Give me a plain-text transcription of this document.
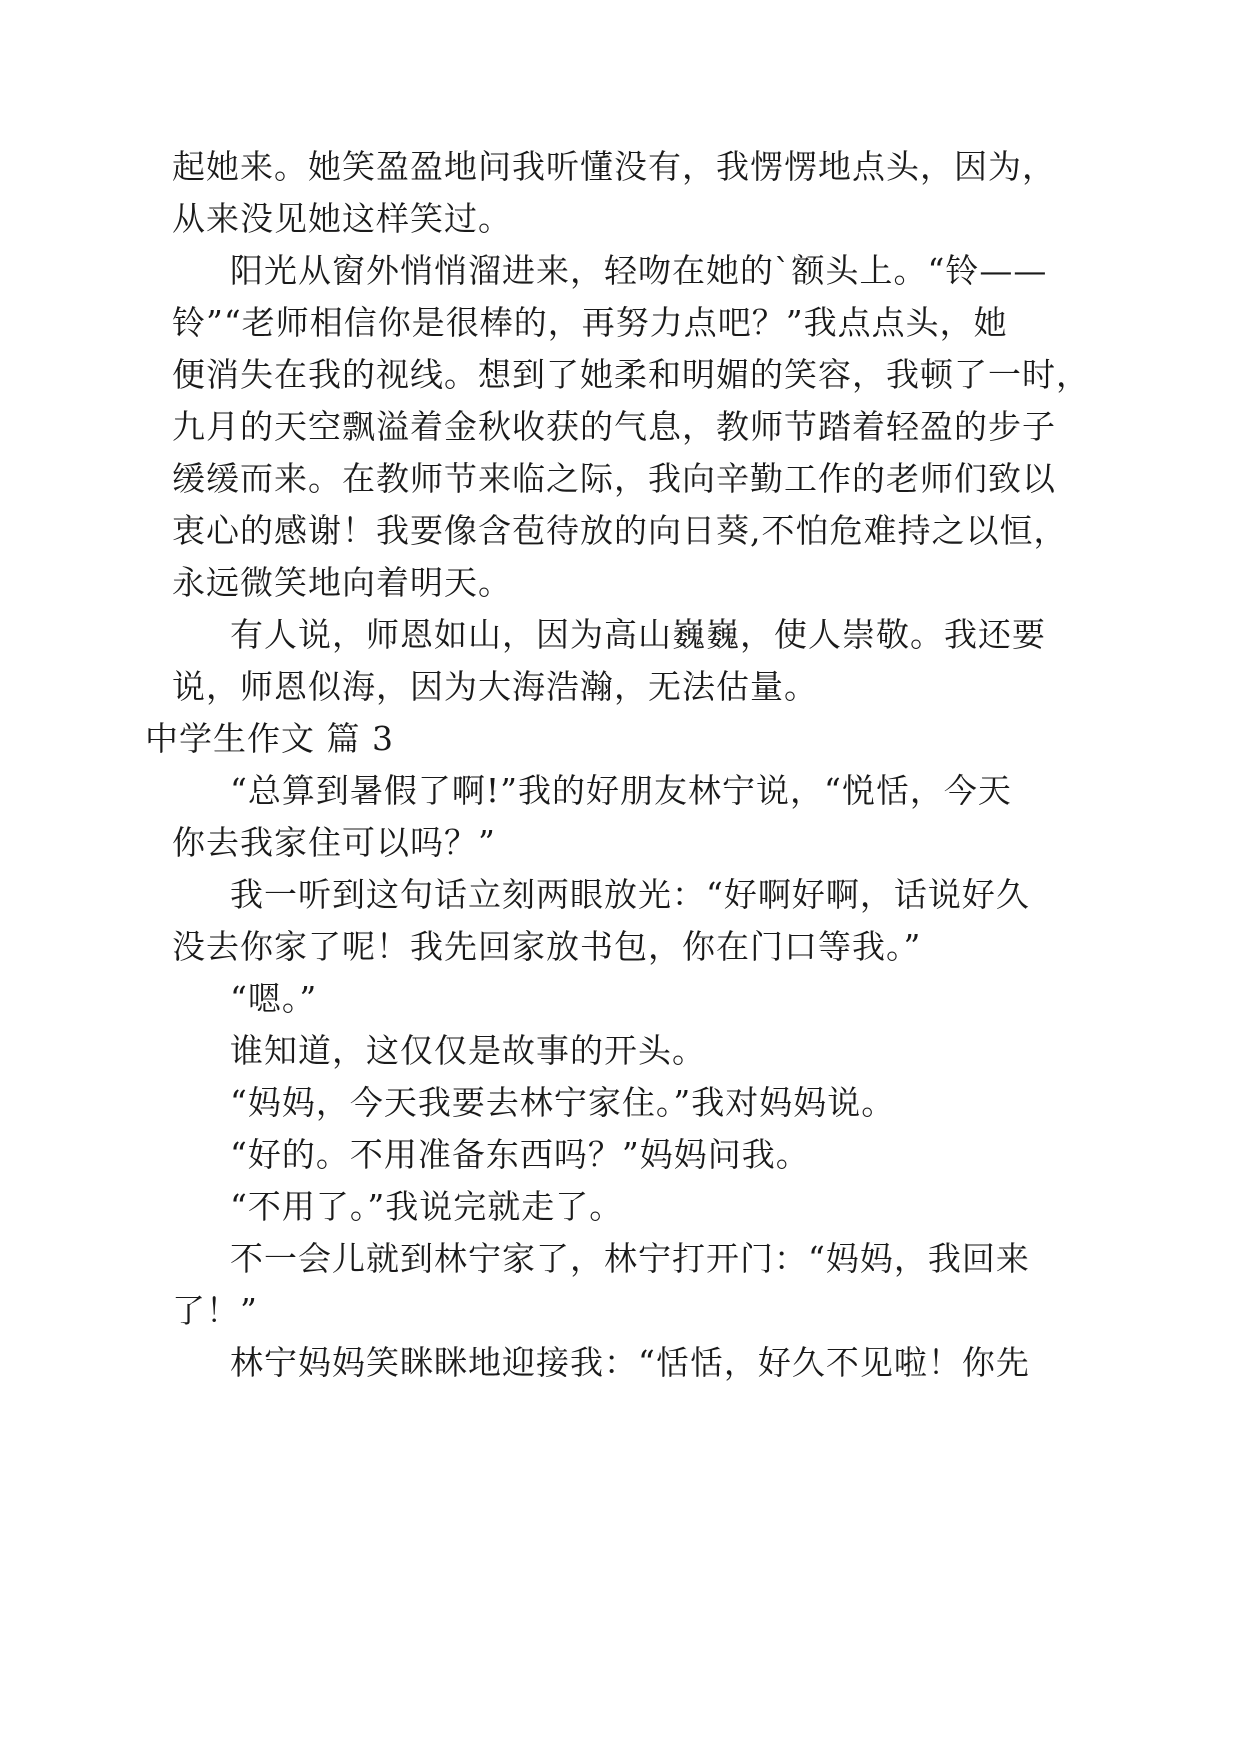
起她来。她笑盈盈地问我听懂没有，我愣愣地点头，因为，
从来没见她这样笑过。
阳光从窗外悄悄溜进来，轻吻在她的`额头上。“铃——
铃”“老师相信你是很棒的，再努力点吧？”我点点头，她
便消失在我的视线。想到了她柔和明媚的笑容，我顿了一时，
九月的天空飘溢着金秋收获的气息，教师节踏着轻盈的步子
缓缓而来。在教师节来临之际，我向辛勤工作的老师们致以
衷心的感谢！我要像含苞待放的向日葵,不怕危难持之以恒，
永远微笑地向着明天。
有人说，师恩如山，因为高山巍巍，使人崇敬。我还要
说，师恩似海，因为大海浩瀚，无法估量。
中学生作文 篇 3
“总算到暑假了啊!”我的好朋友林宁说，“悦恬，今天
你去我家住可以吗？”
我一听到这句话立刻两眼放光：“好啊好啊，话说好久
没去你家了呢！我先回家放书包，你在门口等我。”
“嗯。”
谁知道，这仅仅是故事的开头。
“妈妈，今天我要去林宁家住。”我对妈妈说。
“好的。不用准备东西吗？”妈妈问我。
“不用了。”我说完就走了。
不一会儿就到林宁家了，林宁打开门：“妈妈，我回来
了！”
林宁妈妈笑眯眯地迎接我：“恬恬，好久不见啦！你先
